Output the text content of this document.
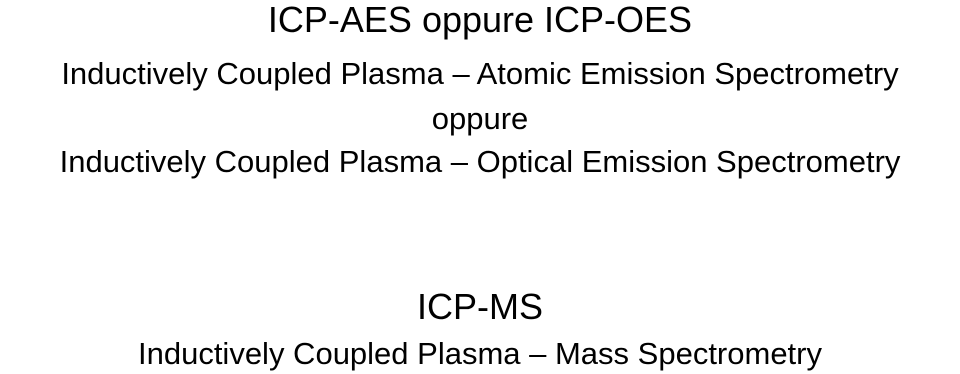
ICP-AES oppure ICP-OES
Inductively Coupled Plasma – Atomic Emission Spectrometry
oppure
Inductively Coupled Plasma – Optical Emission Spectrometry
ICP-MS
Inductively Coupled Plasma – Mass Spectrometry
